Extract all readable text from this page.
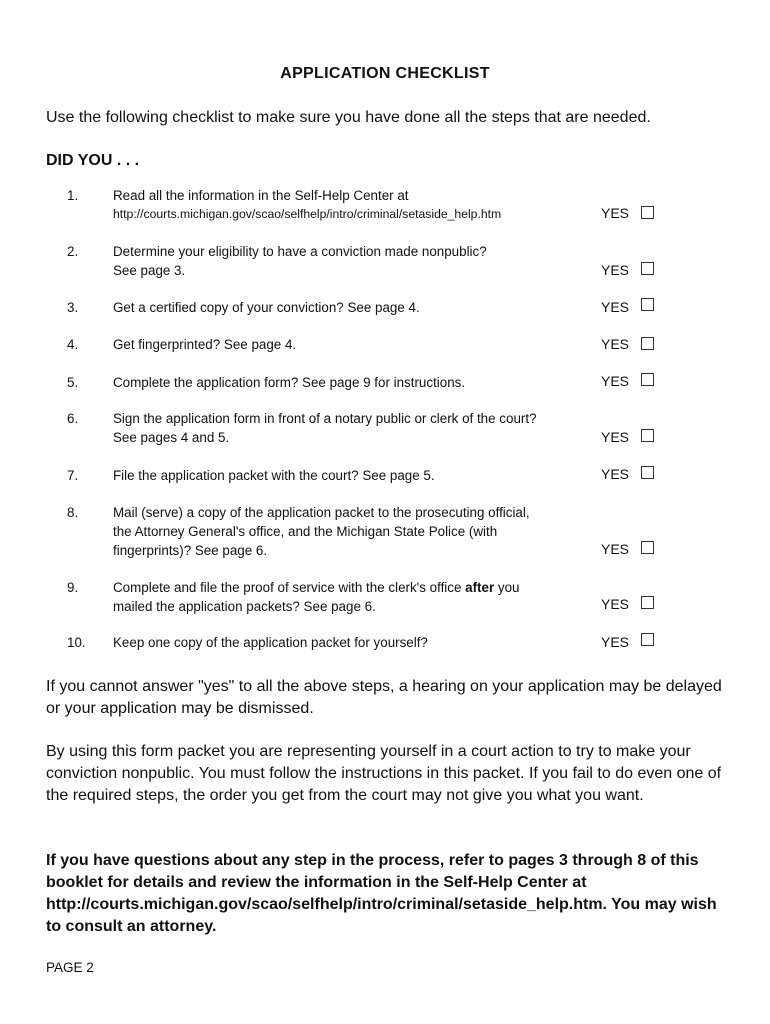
APPLICATION CHECKLIST
Use the following checklist to make sure you have done all the steps that are needed.
DID YOU . . .
1.	Read all the information in the Self-Help Center at
http://courts.michigan.gov/scao/selfhelp/intro/criminal/setaside_help.htm	YES
2.	Determine your eligibility to have a conviction made nonpublic?
See page 3.	YES
3.	Get a certified copy of your conviction? See page 4.	YES
4.	Get fingerprinted? See page 4.	YES
5.	Complete the application form? See page 9 for instructions.	YES
6.	Sign the application form in front of a notary public or clerk of the court?
See pages 4 and 5.	YES
7.	File the application packet with the court? See page 5.	YES
8.	Mail (serve) a copy of the application packet to the prosecuting official,
the Attorney General's office, and the Michigan State Police (with
fingerprints)? See page 6.	YES
9.	Complete and file the proof of service with the clerk's office after you
mailed the application packets? See page 6.	YES
10. Keep one copy of the application packet for yourself?	YES
If you cannot answer "yes" to all the above steps, a hearing on your application may be delayed or your application may be dismissed.
By using this form packet you are representing yourself in a court action to try to make your conviction nonpublic. You must follow the instructions in this packet. If you fail to do even one of the required steps, the order you get from the court may not give you what you want.
If you have questions about any step in the process, refer to pages 3 through 8 of this booklet for details and review the information in the Self-Help Center at http://courts.michigan.gov/scao/selfhelp/intro/criminal/setaside_help.htm. You may wish to consult an attorney.
PAGE 2
